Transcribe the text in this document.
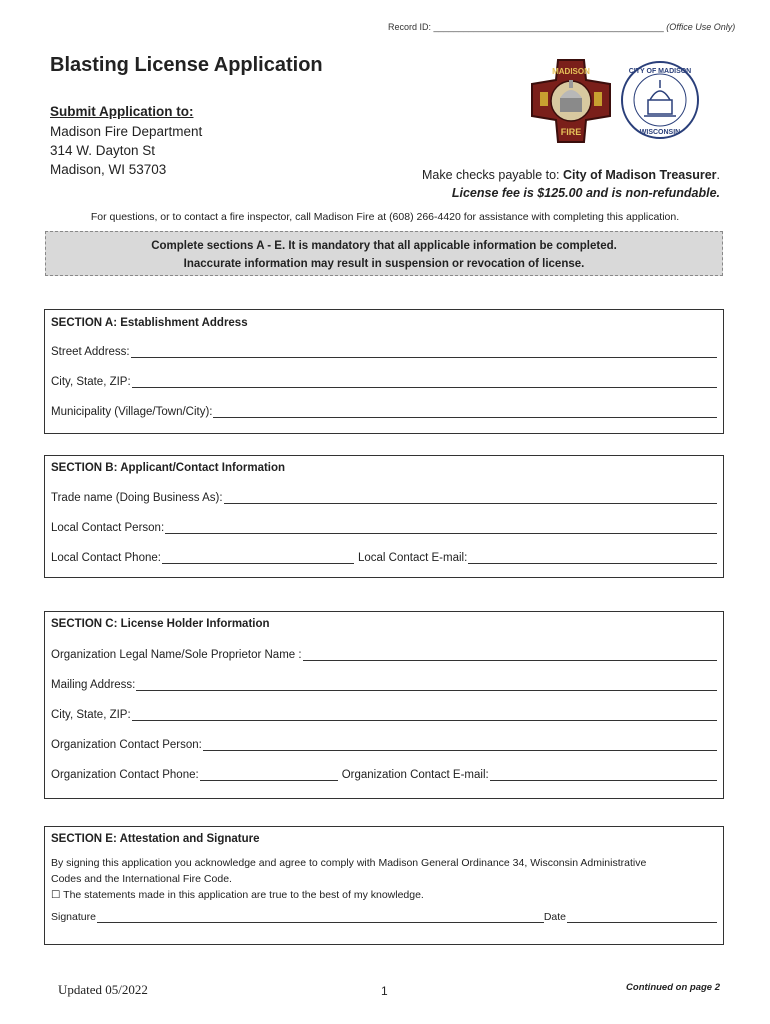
Record ID: ______________________________________________ (Office Use Only)
Blasting License Application
Submit Application to:
Madison Fire Department
314 W. Dayton St
Madison, WI 53703
MADISON
FIRE
CITY OF MADISON
WISCONSIN
Make checks payable to: City of Madison Treasurer.
License fee is $125.00 and is non-refundable.
For questions, or to contact a fire inspector, call Madison Fire at (608) 266-4420 for assistance with completing this application.
Complete sections A - E. It is mandatory that all applicable information be completed.
Inaccurate information may result in suspension or revocation of license.
SECTION A: Establishment Address
Street Address:
City, State, ZIP:
Municipality (Village/Town/City):
SECTION B: Applicant/Contact Information
Trade name (Doing Business As):
Local Contact Person:
Local Contact Phone:	Local Contact E-mail:
SECTION C: License Holder Information
Organization Legal Name/Sole Proprietor Name :
Mailing Address:
City, State, ZIP:
Organization Contact Person:
Organization Contact Phone:	Organization Contact E-mail:
SECTION E: Attestation and Signature
By signing this application you acknowledge and agree to comply with Madison General Ordinance 34, Wisconsin Administrative
Codes and the International Fire Code.
☐ The statements made in this application are true to the best of my knowledge.
Signature	Date
Updated 05/2022	1	Continued on page 2
